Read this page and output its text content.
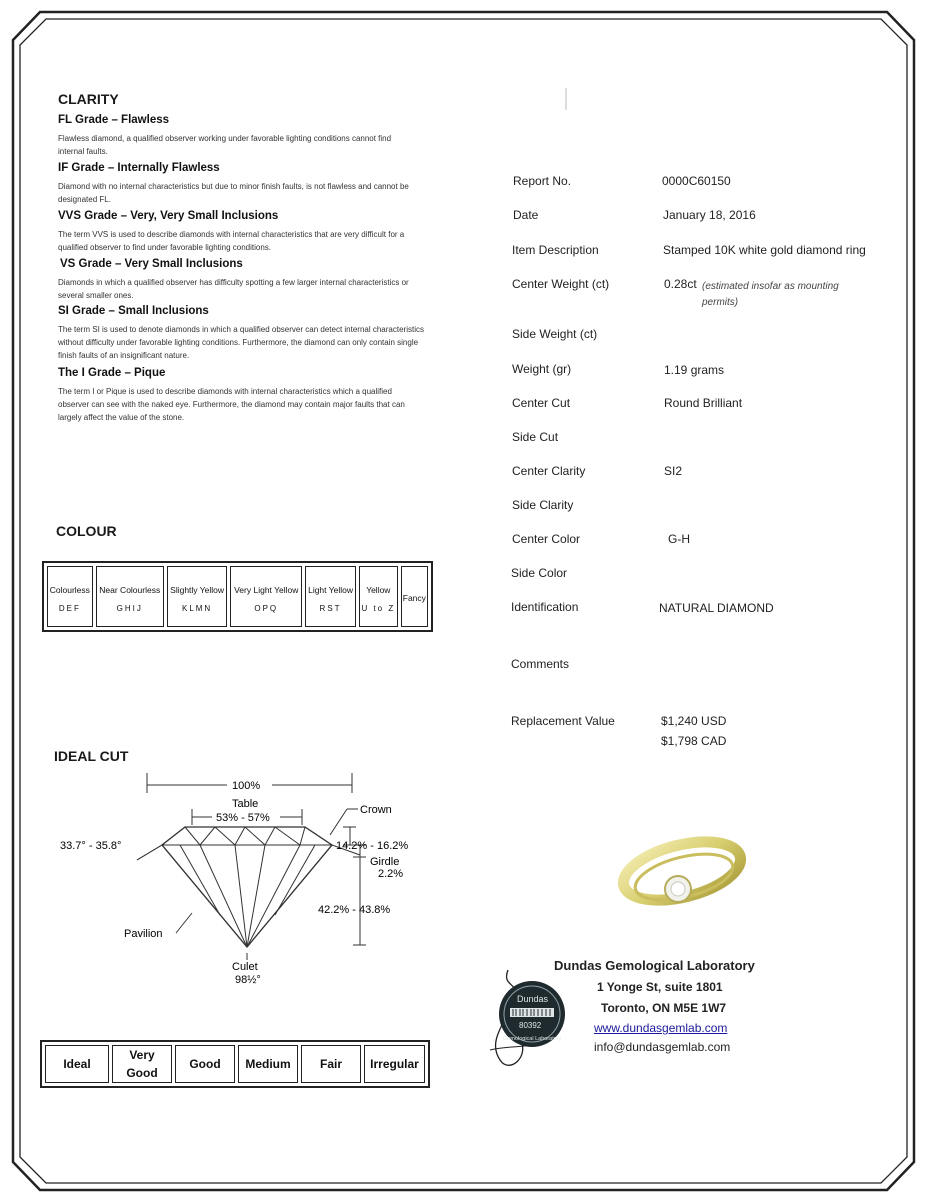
CLARITY
FL Grade – Flawless
Flawless diamond, a qualified observer working under favorable lighting conditions cannot find internal faults.
IF Grade – Internally Flawless
Diamond with no internal characteristics but due to minor finish faults, is not flawless and cannot be designated FL.
VVS Grade – Very, Very Small Inclusions
The term VVS is used to describe diamonds with internal characteristics that are very difficult for a qualified observer to find under favorable lighting conditions.
VS Grade – Very Small Inclusions
Diamonds in which a qualified observer has difficulty spotting a few larger internal characteristics or several smaller ones.
SI Grade – Small Inclusions
The term SI is used to denote diamonds in which a qualified observer can detect internal characteristics without difficulty under favorable lighting conditions. Furthermore, the diamond can only contain single finish faults of an insignificant nature.
The I Grade – Pique
The term I or Pique is used to describe diamonds with internal characteristics which a qualified observer can see with the naked eye. Furthermore, the diamond may contain major faults that can largely affect the value of the stone.
COLOUR
Colourless
DEF
	Near Colourless
GHIJ
	Slightly Yellow
KLMN
	Very Light Yellow
OPQ
	Light Yellow
RST
	Yellow
U to Z
	Fancy
IDEAL CUT
100%
Table
53% - 57%
Crown
33.7° - 35.8°	14.2% - 16.2%
Girdle
2.2%
42.2% - 43.8%
Pavilion
Culet
98½°
Ideal	Very Good	Good	Medium	Fair	Irregular
Report No.	0000C60150
Date	January 18, 2016
Item Description	Stamped 10K white gold diamond ring
Center Weight (ct)	0.28ct (estimated insofar as mounting permits)
Side Weight (ct)
Weight (gr)	1.19 grams
Center Cut	Round Brilliant
Side Cut
Center Clarity	SI2
Side Clarity
Center Color	G-H
Side Color
Identification	NATURAL DIAMOND
Comments
Replacement Value	$1,240 USD
$1,798 CAD
Dundas Gemological Laboratory
1 Yonge St, suite 1801
Toronto, ON M5E 1W7
www.dundasgemlab.com
info@dundasgemlab.com
Dundas
80392
Gemological Laboratory
